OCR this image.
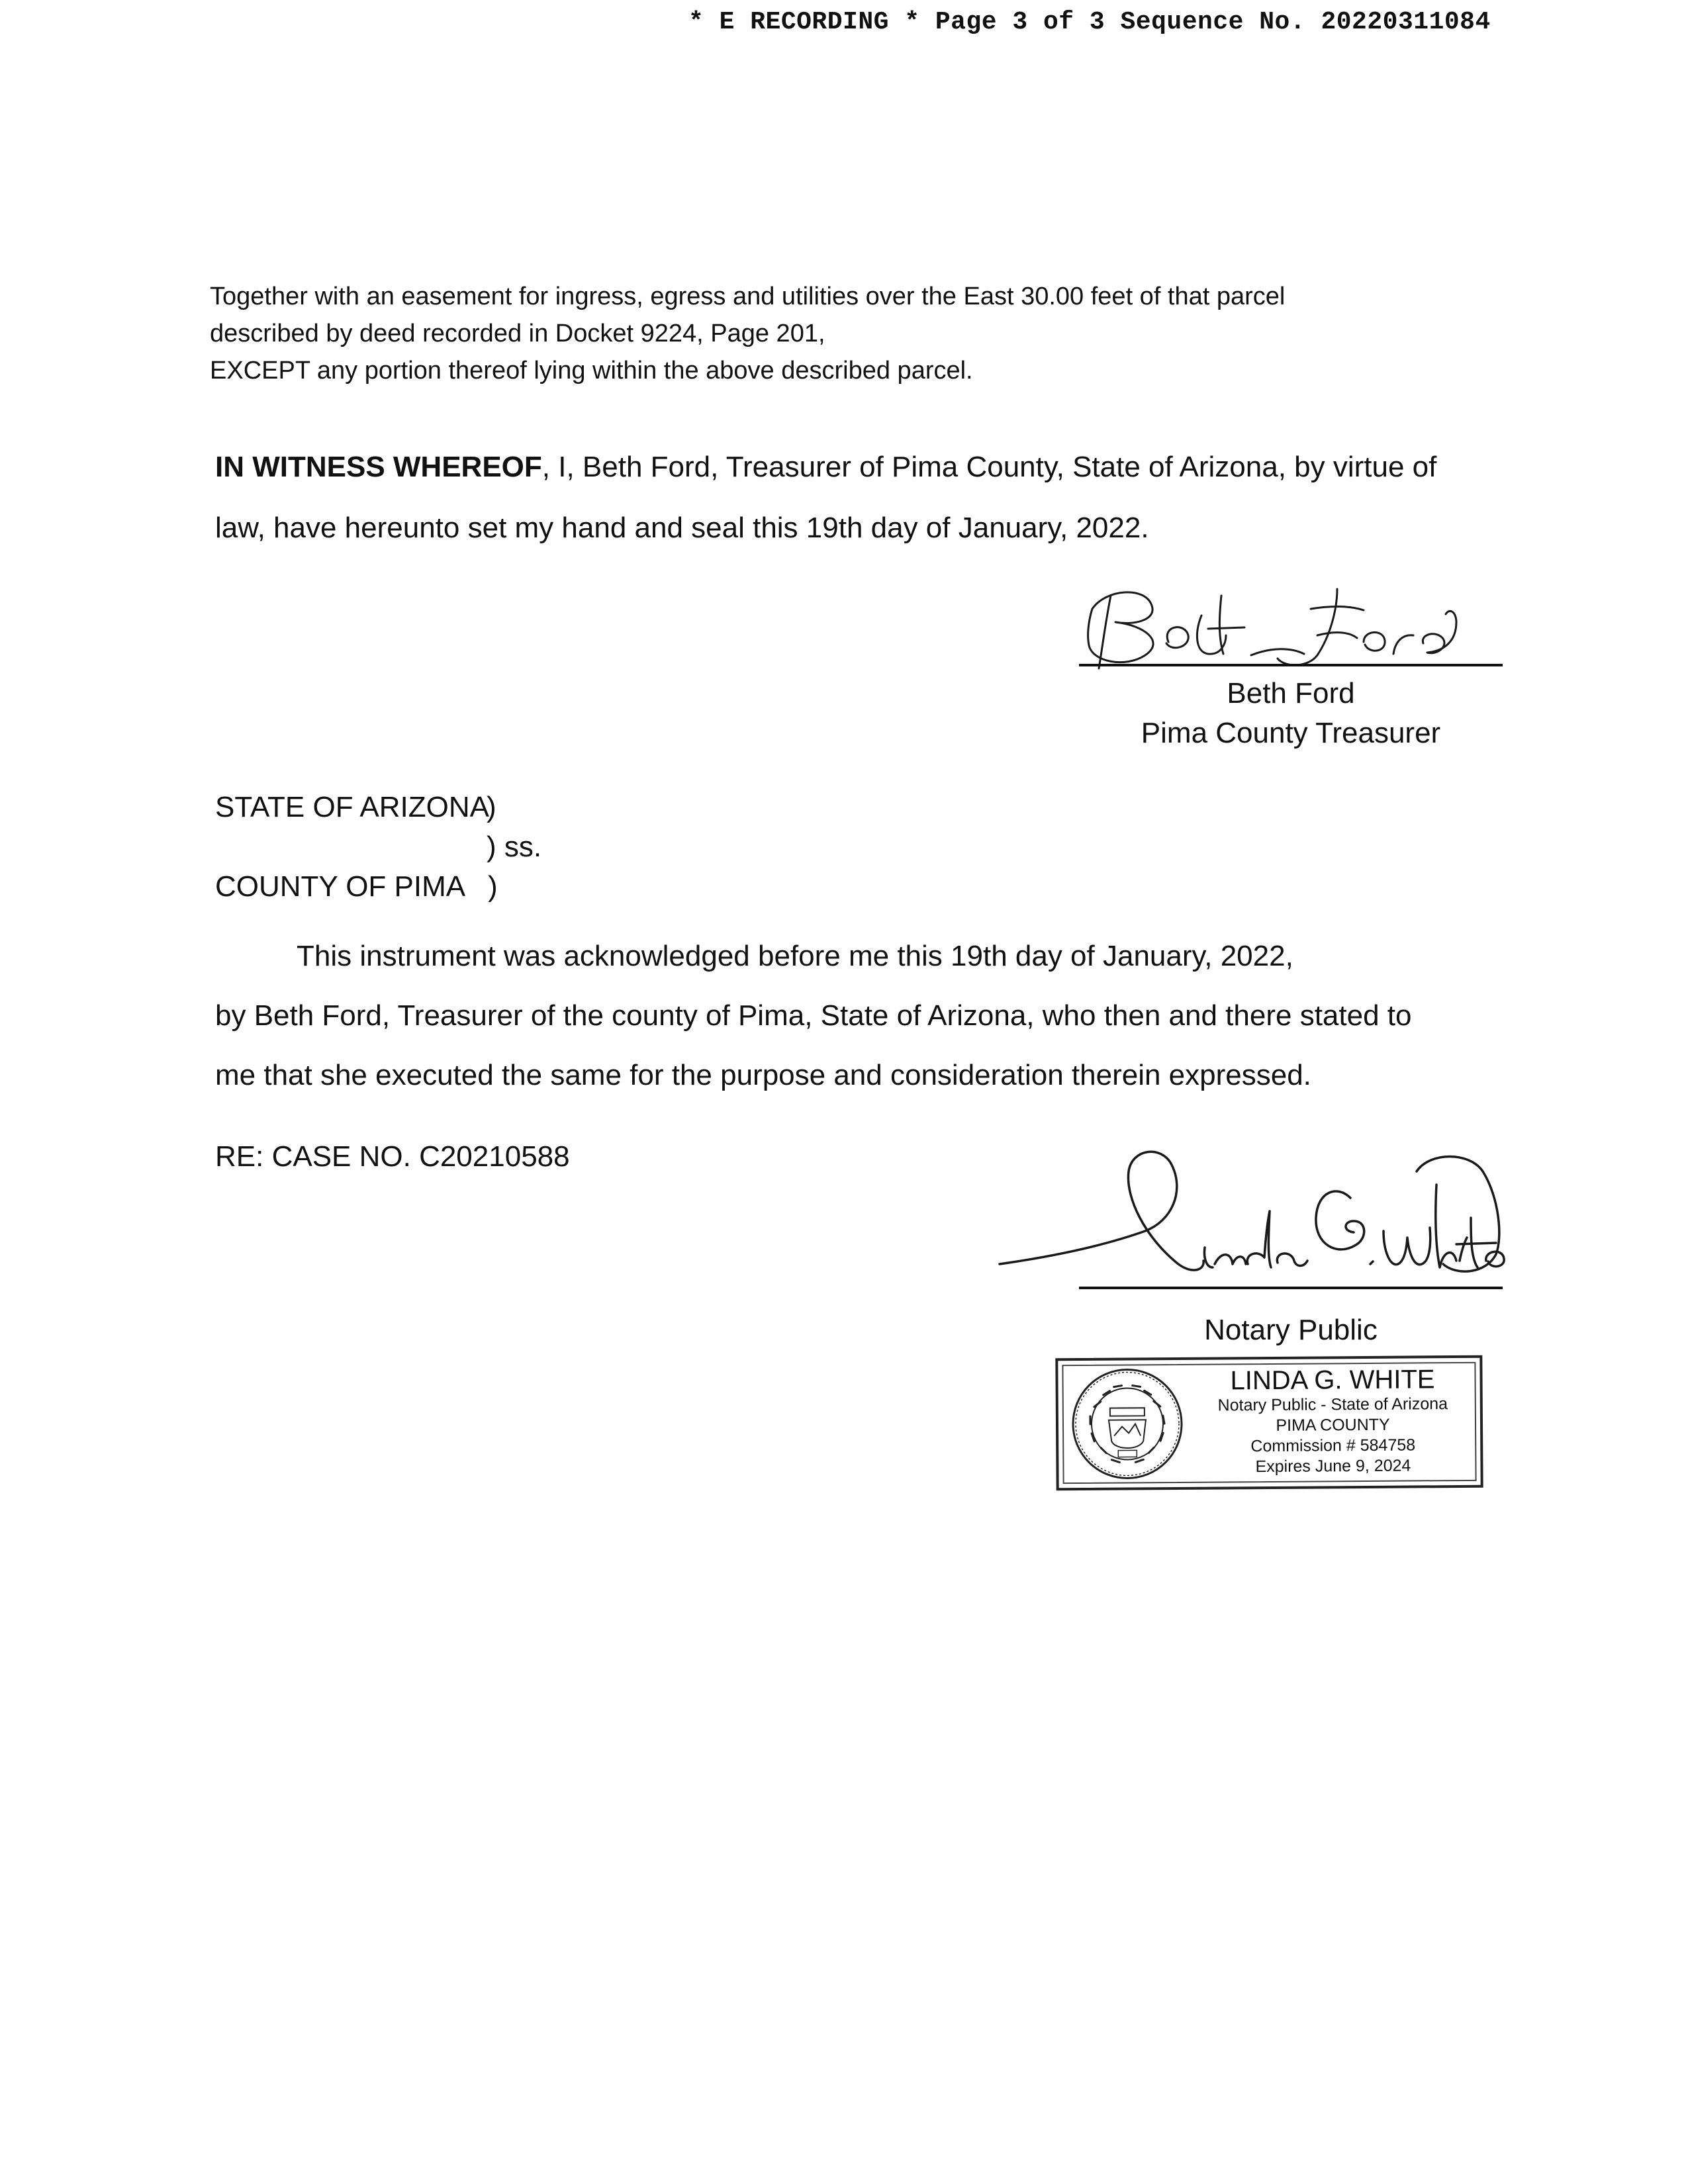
* E RECORDING * Page 3 of 3 Sequence No. 20220311084
Together with an easement for ingress, egress and utilities over the East 30.00 feet of that parcel
described by deed recorded in Docket 9224, Page 201,
EXCEPT any portion thereof lying within the above described parcel.
IN WITNESS WHEREOF, I, Beth Ford, Treasurer of Pima County, State of Arizona, by virtue of
law, have hereunto set my hand and seal this 19th day of January, 2022.
Beth Ford
Pima County Treasurer
STATE OF ARIZONA
)
) ss.
COUNTY OF PIMA )
This instrument was acknowledged before me this 19th day of January, 2022,
by Beth Ford, Treasurer of the county of Pima, State of Arizona, who then and there stated to
me that she executed the same for the purpose and consideration therein expressed.
RE: CASE NO. C20210588
Notary Public
LINDA G. WHITE
Notary Public - State of Arizona
PIMA COUNTY
Commission # 584758
Expires June 9, 2024
